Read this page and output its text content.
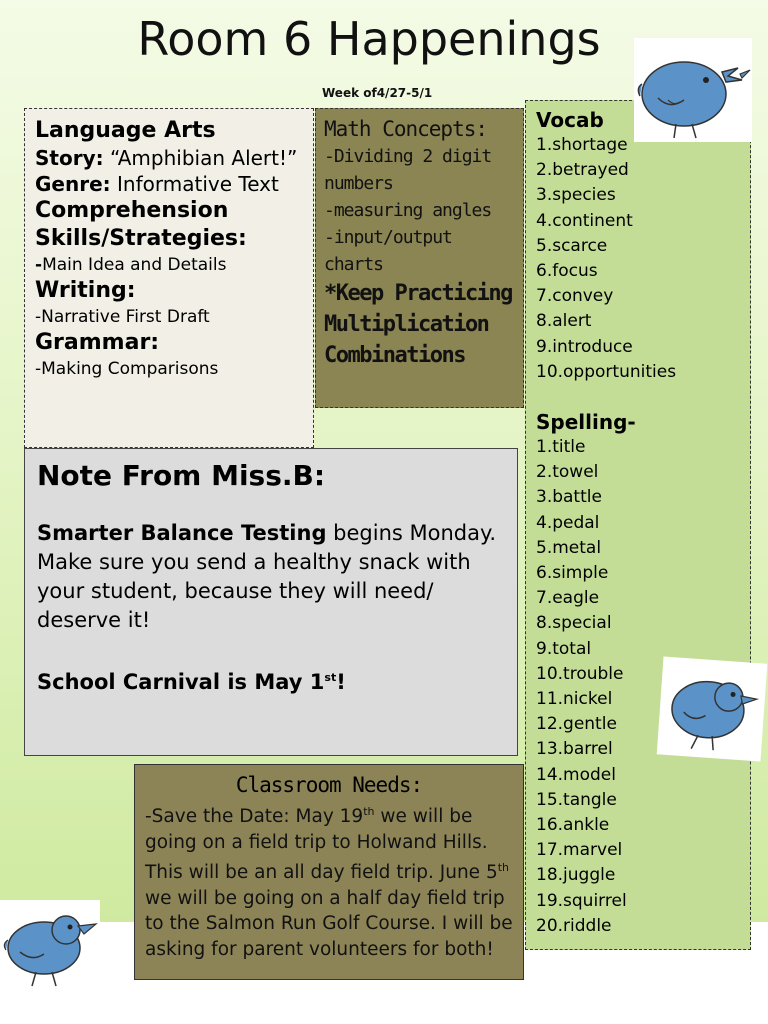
Room 6 Happenings
Week of4/27-5/1
Language Arts
Story: “Amphibian Alert!”
Genre: Informative Text
Comprehension Skills/Strategies:
-Main Idea and Details
Writing:
-Narrative First Draft
Grammar:
-Making Comparisons
Math Concepts:
-Dividing 2 digit numbers
-measuring angles
-input/output charts
*Keep Practicing Multiplication Combinations
Vocab
1.shortage
2.betrayed
3.species
4.continent
5.scarce
6.focus
7.convey
8.alert
9.introduce
10.opportunities
Spelling-
1.title
2.towel
3.battle
4.pedal
5.metal
6.simple
7.eagle
8.special
9.total
10.trouble
11.nickel
12.gentle
13.barrel
14.model
15.tangle
16.ankle
17.marvel
18.juggle
19.squirrel
20.riddle
Note From Miss.B:
Smarter Balance Testing begins Monday. Make sure you send a healthy snack with your student, because they will need/ deserve it!
School Carnival is May 1st!
Classroom Needs:
-Save the Date: May 19th we will be going on a field trip to Holwand Hills. This will be an all day field trip. June 5th we will be going on a half day field trip to the Salmon Run Golf Course. I will be asking for parent volunteers for both!
